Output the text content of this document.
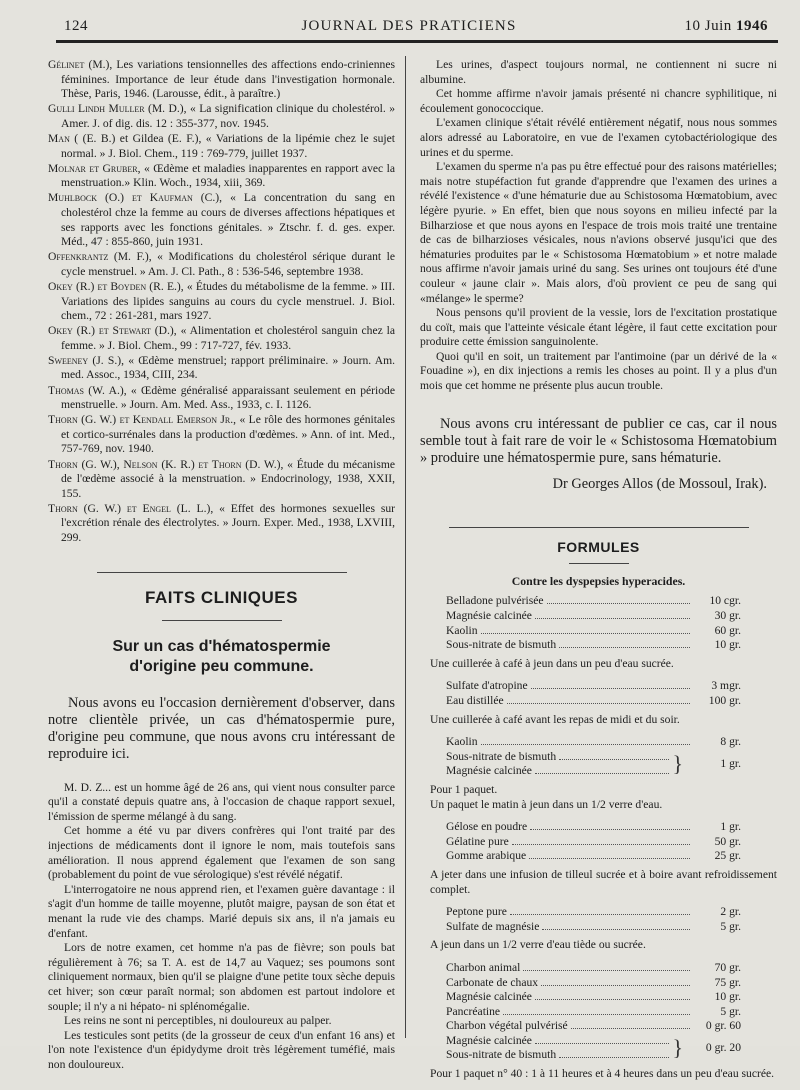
124	JOURNAL DES PRATICIENS	10 Juin 1946

Gélinet (M.), Les variations tensionnelles des affections endo-criniennes féminines. Importance de leur étude dans l'investigation hormonale. Thèse, Paris, 1946. (Larousse, édit., à paraître.)

Gulli Lindh Muller (M. D.), « La signification clinique du cholestérol. » Amer. J. of dig. dis. 12 : 355-377, nov. 1945.

Man ( (E. B.) et Gildea (E. F.), « Variations de la lipémie chez le sujet normal. » J. Biol. Chem., 119 : 769-779, juillet 1937.

Molnar et Gruber, « Œdème et maladies inapparentes en rapport avec la menstruation.» Klin. Woch., 1934, xiii, 369.

Muhlbock (O.) et Kaufman (C.), « La concentration du sang en cholestérol chze la femme au cours de diverses affections hépatiques et ses rapports avec les fonctions génitales. » Ztschr. f. d. ges. exper. Méd., 47 : 855-860, juin 1931.

Offenkrantz (M. F.), « Modifications du cholestérol sérique durant le cycle menstruel. » Am. J. Cl. Path., 8 : 536-546, septembre 1938.

Okey (R.) et Boyden (R. E.), « Études du métabolisme de la femme. » III. Variations des lipides sanguins au cours du cycle menstruel. J. Biol. chem., 72 : 261-281, mars 1927.

Okey (R.) et Stewart (D.), « Alimentation et cholestérol sanguin chez la femme. » J. Biol. Chem., 99 : 717-727, fév. 1933.

Sweeney (J. S.), « Œdème menstruel; rapport préliminaire. » Journ. Am. med. Assoc., 1934, CIII, 234.

Thomas (W. A.), « Œdème généralisé apparaissant seulement en période menstruelle. » Journ. Am. Med. Ass., 1933, c. I. 1126.

Thorn (G. W.) et Kendall Emerson Jr., « Le rôle des hormones génitales et cortico-surrénales dans la production d'œdèmes. » Ann. of int. Med., 757-769, nov. 1940.

Thorn (G. W.), Nelson (K. R.) et Thorn (D. W.), « Étude du mécanisme de l'œdème associé à la menstruation. » Endocrinology, 1938, XXII, 155.

Thorn (G. W.) et Engel (L. L.), « Effet des hormones sexuelles sur l'excrétion rénale des électrolytes. » Journ. Exper. Med., 1938, LXVIII, 299.

FAITS CLINIQUES
Sur un cas d'hématospermie
d'origine peu commune.

Nous avons eu l'occasion dernièrement d'observer, dans notre clientèle privée, un cas d'hématospermie pure, d'origine peu commune, que nous avons cru intéressant de reproduire ici.

M. D. Z... est un homme âgé de 26 ans, qui vient nous consulter parce qu'il a constaté depuis quatre ans, à l'occasion de chaque rapport sexuel, l'émission de sperme mélangé à du sang.

Cet homme a été vu par divers confrères qui l'ont traité par des injections de médicaments dont il ignore le nom, mais toutefois sans amélioration. Il nous apprend également que l'examen de son sang (probablement du point de vue sérologique) s'est révélé négatif.

L'interrogatoire ne nous apprend rien, et l'examen guère davantage : il s'agit d'un homme de taille moyenne, plutôt maigre, paysan de son état et menant la rude vie des champs. Marié depuis six ans, il n'a jamais eu d'enfant.

Lors de notre examen, cet homme n'a pas de fièvre; son pouls bat régulièrement à 76; sa T. A. est de 14,7 au Vaquez; ses poumons sont cliniquement normaux, bien qu'il se plaigne d'une petite toux sèche depuis cet hiver; son cœur paraît normal; son abdomen est partout indolore et souple; il n'y a ni hépato- ni splénomégalie.

Les reins ne sont ni perceptibles, ni douloureux au palper.

Les testicules sont petits (de la grosseur de ceux d'un enfant 16 ans) et l'on note l'existence d'un épidydyme droit très légèrement tuméfié, mais non douloureux.

Les urines, d'aspect toujours normal, ne contiennent ni sucre ni albumine.

Cet homme affirme n'avoir jamais présenté ni chancre syphilitique, ni écoulement gonococcique.

L'examen clinique s'était révélé entièrement négatif, nous nous sommes alors adressé au Laboratoire, en vue de l'examen cytobactériologique des urines et du sperme.

L'examen du sperme n'a pas pu être effectué pour des raisons matérielles; mais notre stupéfaction fut grande d'apprendre que l'examen des urines a révélé l'existence « d'une hématurie due au Schistosoma Hœmatobium, avec légère pyurie. » En effet, bien que nous soyons en milieu infecté par la Bilharziose et que nous ayons en l'espace de trois mois traité une trentaine de cas de bilharzioses vésicales, nous n'avions observé jusqu'ici que des hématuries produites par le « Schistosoma Hœmatobium » et notre malade nous affirme n'avoir jamais uriné du sang. Ses urines ont toujours été d'une couleur « jaune clair ». Mais alors, d'où provient ce peu de sang qui «mélange» le sperme?

Nous pensons qu'il provient de la vessie, lors de l'excitation prostatique du coït, mais que l'atteinte vésicale étant légère, il faut cette excitation pour produire cette émission sanguinolente.

Quoi qu'il en soit, un traitement par l'antimoine (par un dérivé de la « Fouadine »), en dix injections a remis les choses au point. Il y a plus d'un mois que cet homme ne présente plus aucun trouble.

Nous avons cru intéressant de publier ce cas, car il nous semble tout à fait rare de voir le « Schistosoma Hœmatobium » produire une hématospermie pure, sans hématurie.

Dr Georges Allos (de Mossoul, Irak).
FORMULES
Contre les dyspepsies hyperacides.
Belladone pulvérisée	10 cgr.
Magnésie calcinée	30 gr.
Kaolin	60 gr.
Sous-nitrate de bismuth	10 gr.
Une cuillerée à café à jeun dans un peu d'eau sucrée.
Sulfate d'atropine	3 mgr.
Eau distillée	100 gr.
Une cuillerée à café avant les repas de midi et du soir.
Kaolin	8 gr.
Sous-nitrate de bismuth
Magnésie calcinée	}	1 gr.
Pour 1 paquet.
Un paquet le matin à jeun dans un 1/2 verre d'eau.
Gélose en poudre	1 gr.
Gélatine pure	50 gr.
Gomme arabique	25 gr.
A jeter dans une infusion de tilleul sucrée et à boire avant refroidissement complet.
Peptone pure	2 gr.
Sulfate de magnésie	5 gr.
A jeun dans un 1/2 verre d'eau tiède ou sucrée.
Charbon animal	70 gr.
Carbonate de chaux	75 gr.
Magnésie calcinée	10 gr.
Pancréatine	5 gr.
Charbon végétal pulvérisé	0 gr. 60
Magnésie calcinée
Sous-nitrate de bismuth	}	0 gr. 20
Pour 1 paquet n° 40 : 1 à 11 heures et à 4 heures dans un peu d'eau sucrée.
